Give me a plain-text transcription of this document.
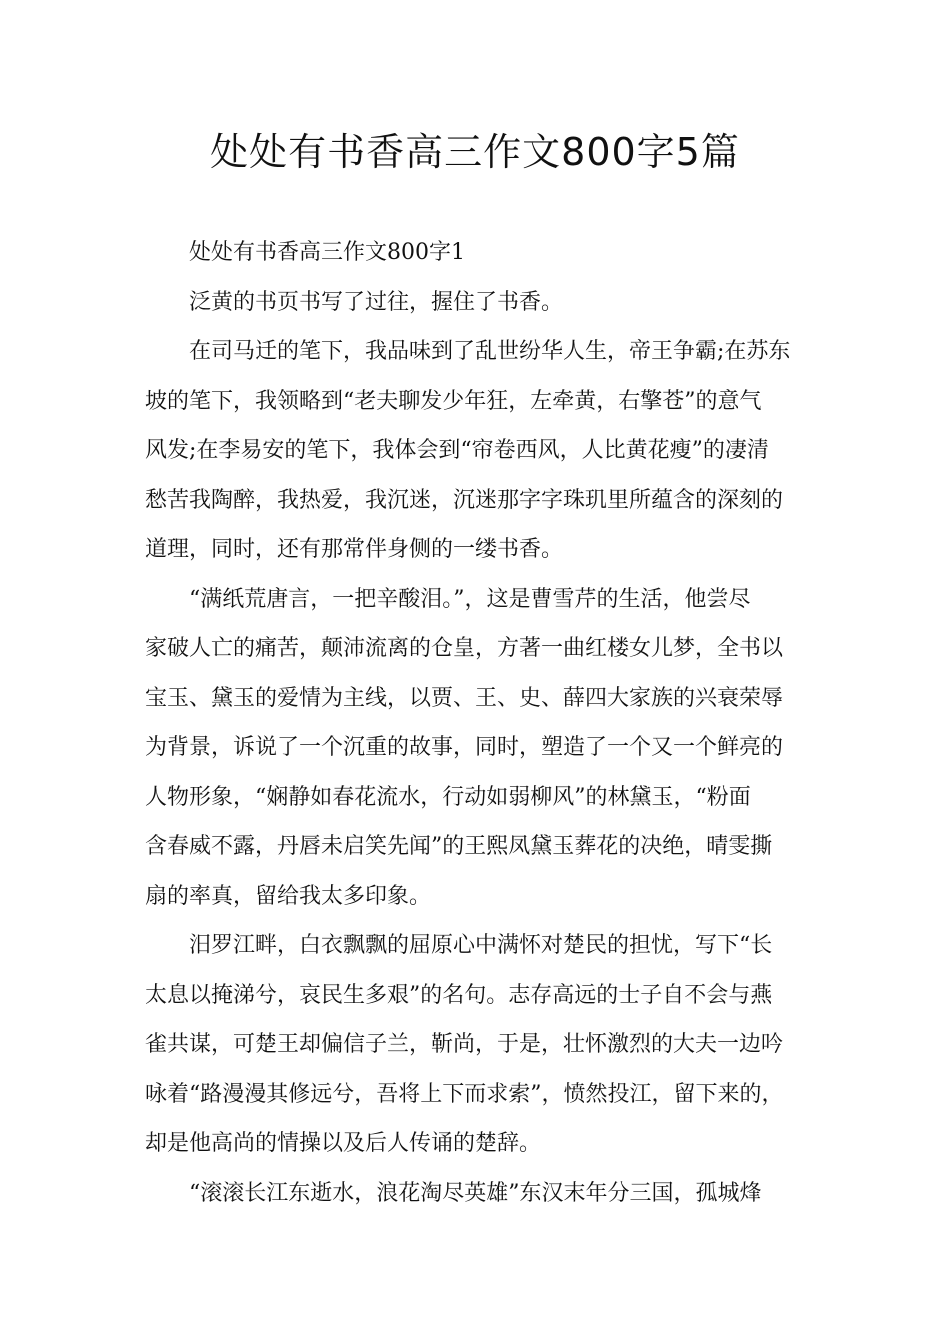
处处有书香高三作文800字5篇

处处有书香高三作文800字1

泛黄的书页书写了过往，握住了书香。
在司马迁的笔下，我品味到了乱世纷华人生，帝王争霸;在苏东
坡的笔下，我领略到“老夫聊发少年狂，左牵黄，右擎苍”的意气
风发;在李易安的笔下，我体会到“帘卷西风，人比黄花瘦”的凄清
愁苦我陶醉，我热爱，我沉迷，沉迷那字字珠玑里所蕴含的深刻的
道理，同时，还有那常伴身侧的一缕书香。
“满纸荒唐言，一把辛酸泪。”，这是曹雪芹的生活，他尝尽
家破人亡的痛苦，颠沛流离的仓皇，方著一曲红楼女儿梦，全书以
宝玉、黛玉的爱情为主线，以贾、王、史、薛四大家族的兴衰荣辱
为背景，诉说了一个沉重的故事，同时，塑造了一个又一个鲜亮的
人物形象，“娴静如春花流水，行动如弱柳风”的林黛玉，“粉面
含春威不露，丹唇未启笑先闻”的王熙凤黛玉葬花的决绝，晴雯撕
扇的率真，留给我太多印象。
汨罗江畔，白衣飘飘的屈原心中满怀对楚民的担忧，写下“长
太息以掩涕兮，哀民生多艰”的名句。志存高远的士子自不会与燕
雀共谋，可楚王却偏信子兰，靳尚，于是，壮怀激烈的大夫一边吟
咏着“路漫漫其修远兮，吾将上下而求索”，愤然投江，留下来的，
却是他高尚的情操以及后人传诵的楚辞。
“滚滚长江东逝水，浪花淘尽英雄”东汉末年分三国，孤城烽
